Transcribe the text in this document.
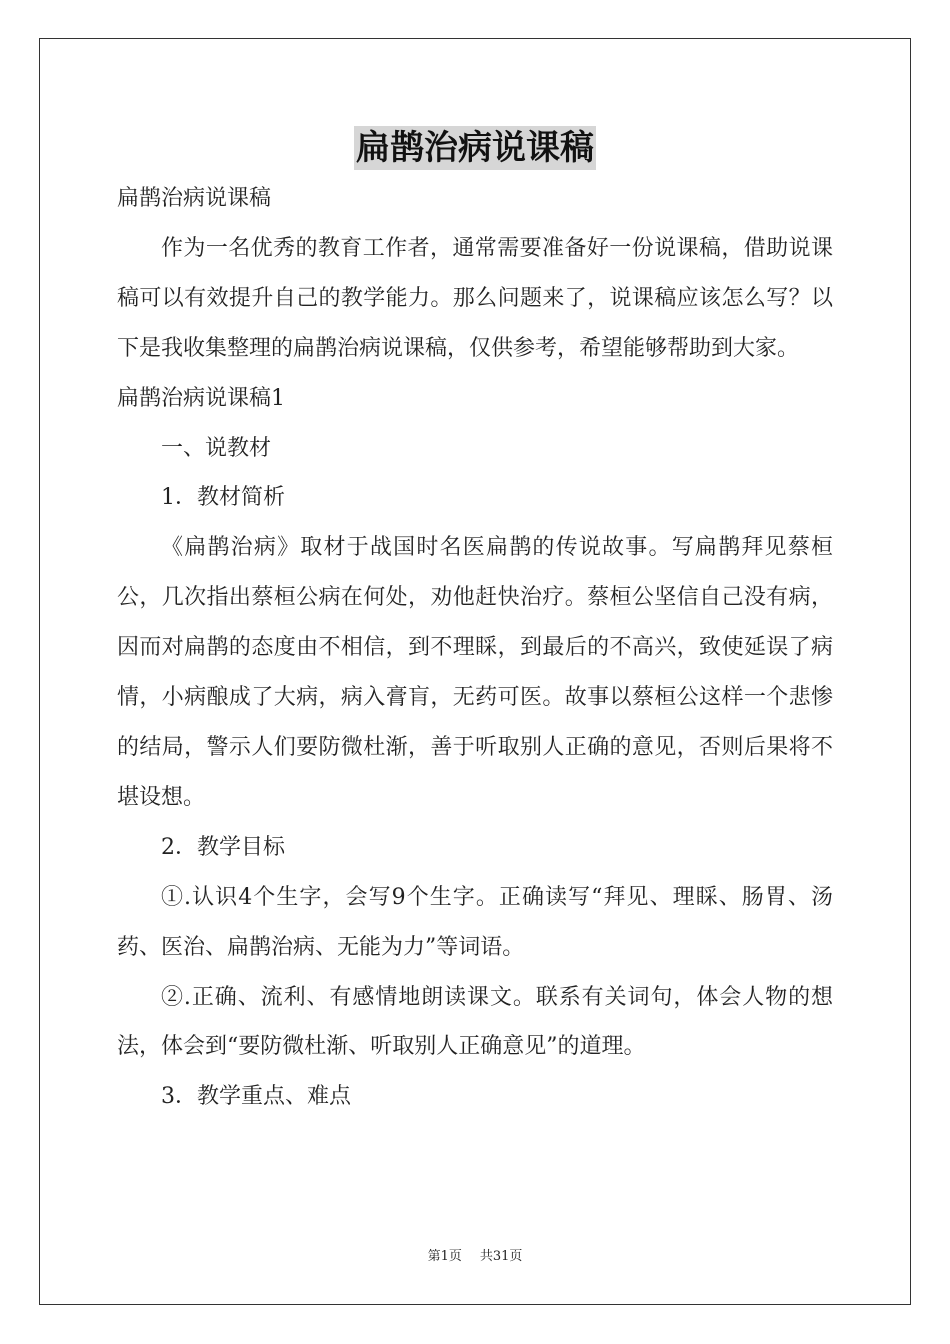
扁鹊治病说课稿

扁鹊治病说课稿

作为一名优秀的教育工作者，通常需要准备好一份说课稿，借助说课稿可以有效提升自己的教学能力。那么问题来了，说课稿应该怎么写？以下是我收集整理的扁鹊治病说课稿，仅供参考，希望能够帮助到大家。

扁鹊治病说课稿1

一、说教材

1．教材简析

《扁鹊治病》取材于战国时名医扁鹊的传说故事。写扁鹊拜见蔡桓公，几次指出蔡桓公病在何处，劝他赶快治疗。蔡桓公坚信自己没有病，因而对扁鹊的态度由不相信，到不理睬，到最后的不高兴，致使延误了病情，小病酿成了大病，病入膏肓，无药可医。故事以蔡桓公这样一个悲惨的结局，警示人们要防微杜渐，善于听取别人正确的意见，否则后果将不堪设想。

2．教学目标

①.认识4个生字，会写9个生字。正确读写“拜见、理睬、肠胃、汤药、医治、扁鹊治病、无能为力”等词语。

②.正确、流利、有感情地朗读课文。联系有关词句，体会人物的想法，体会到“要防微杜渐、听取别人正确意见”的道理。

3．教学重点、难点

第1页 共31页
